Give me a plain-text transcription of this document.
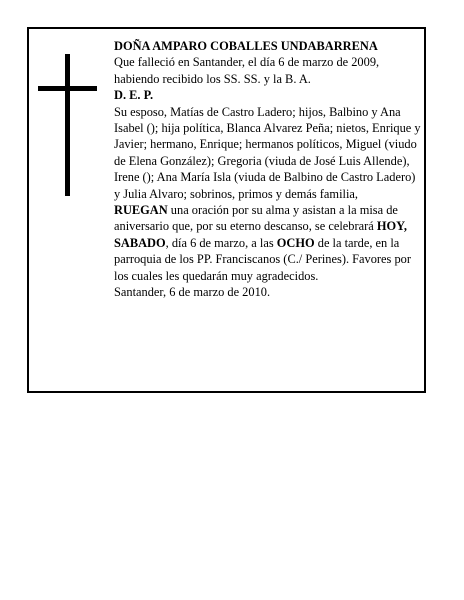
DOÑA AMPARO COBALLES UNDABARRENA

Que falleció en Santander, el día 6 de marzo de 2009,

habiendo recibido los SS. SS. y la B. A.

D. E. P.

Su esposo, Matías de Castro Ladero; hijos, Balbino y Ana Isabel (); hija política, Blanca Alvarez Peña; nietos, Enrique y Javier; hermano, Enrique; hermanos políticos, Miguel (viudo de Elena González); Gregoria (viuda de José Luis Allende), Irene (); Ana María Isla (viuda de Balbino de Castro Ladero) y Julia Alvaro; sobrinos, primos y demás familia,

RUEGAN una oración por su alma y asistan a la misa de aniversario que, por su eterno descanso, se celebrará HOY, SABADO, día 6 de marzo, a las OCHO de la tarde, en la parroquia de los PP. Franciscanos (C./ Perines). Favores por los cuales les quedarán muy agradecidos.

Santander, 6 de marzo de 2010.
